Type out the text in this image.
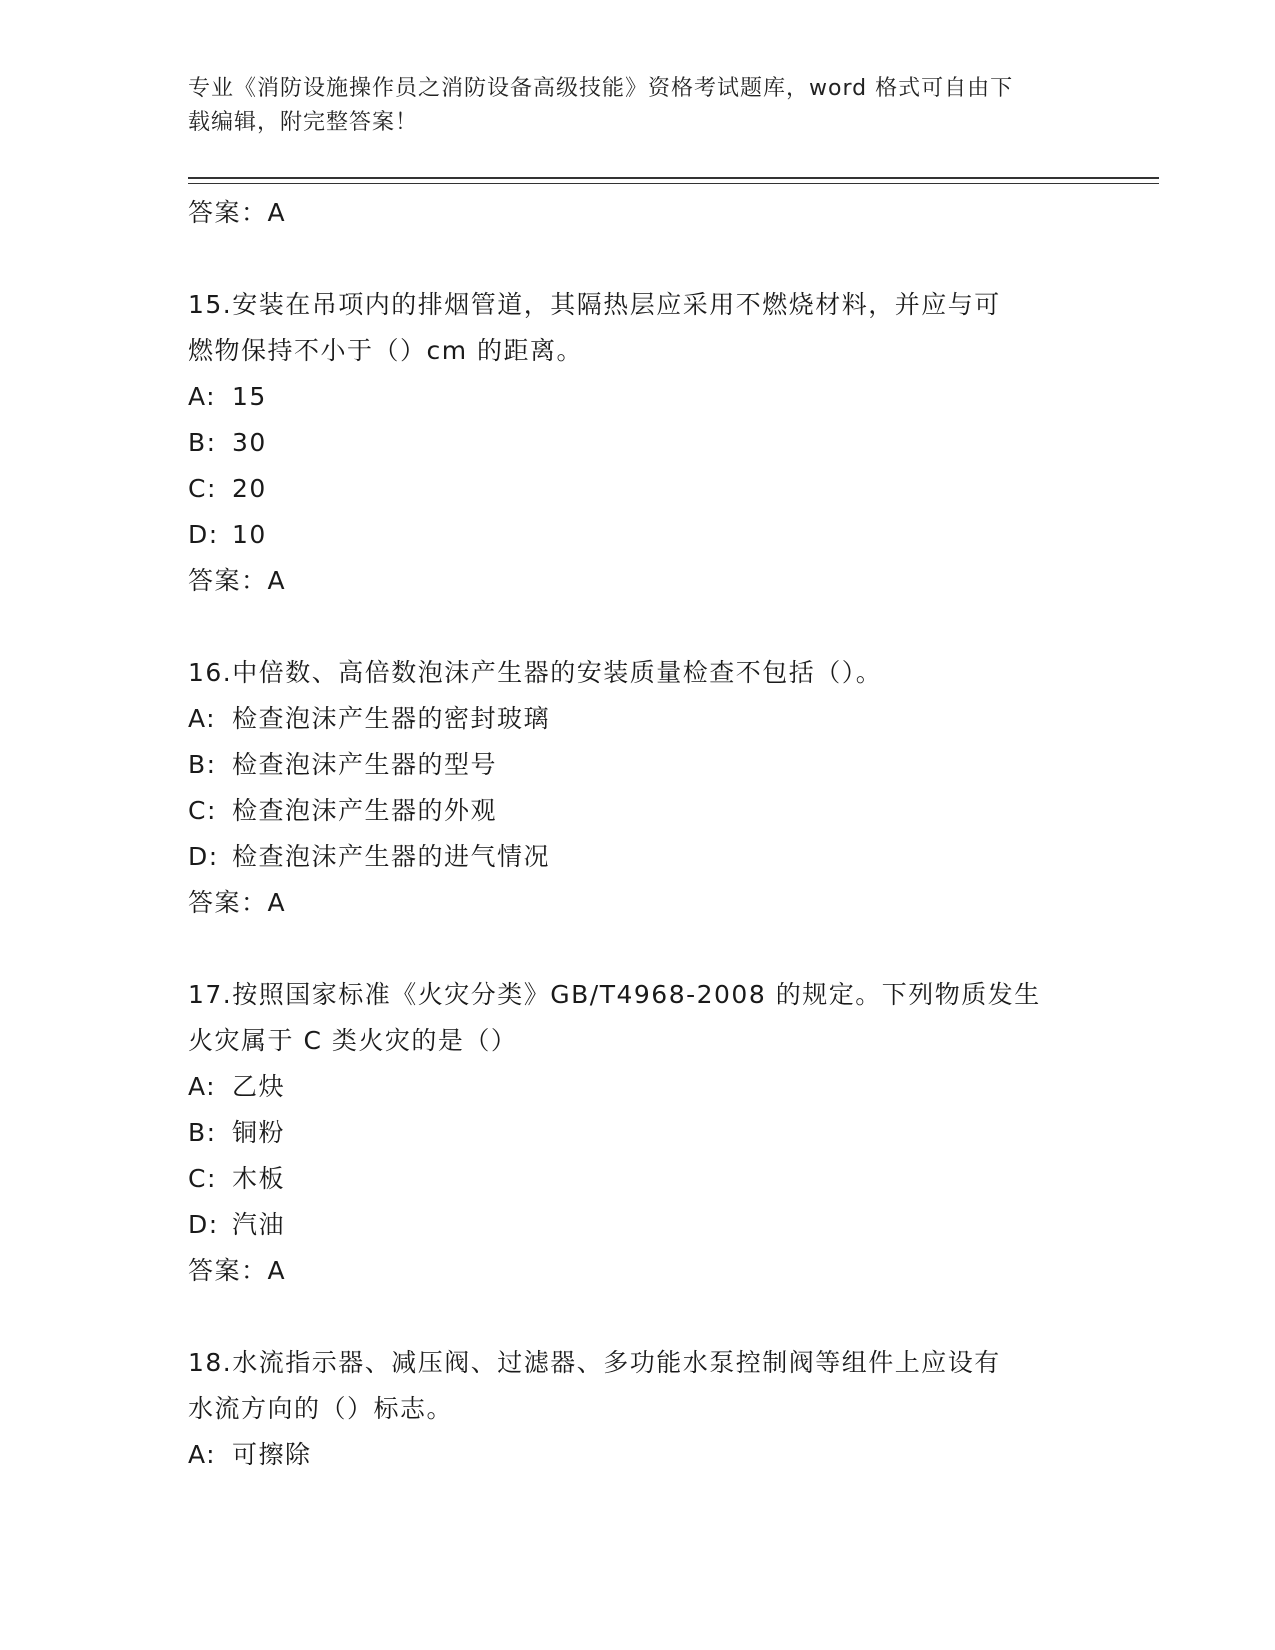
专业《消防设施操作员之消防设备高级技能》资格考试题库，word 格式可自由下
载编辑，附完整答案！
答案：A
15.安装在吊项内的排烟管道，其隔热层应采用不燃烧材料，并应与可
燃物保持不小于（）cm 的距离。
A: 15
B: 30
C: 20
D: 10
答案：A
16.中倍数、高倍数泡沫产生器的安装质量检查不包括（）。
A: 检查泡沫产生器的密封玻璃
B: 检查泡沫产生器的型号
C: 检查泡沫产生器的外观
D: 检查泡沫产生器的进气情况
答案：A
17.按照国家标准《火灾分类》GB/T4968-2008 的规定。下列物质发生
火灾属于 C 类火灾的是（）
A: 乙炔
B: 铜粉
C: 木板
D: 汽油
答案：A
18.水流指示器、减压阀、过滤器、多功能水泵控制阀等组件上应设有
水流方向的（）标志。
A: 可擦除
